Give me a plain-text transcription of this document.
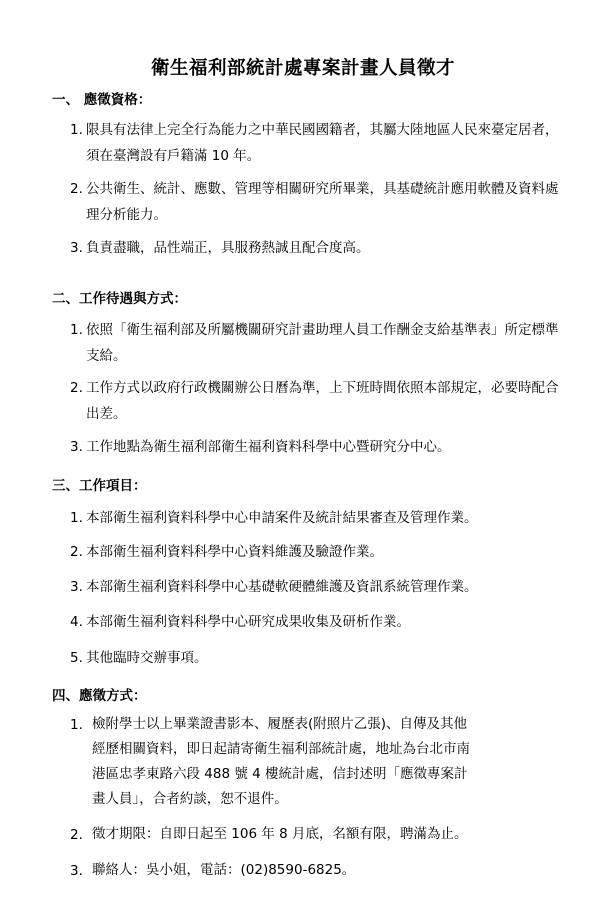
衛生福利部統計處專案計畫人員徵才
一、 應徵資格：
1. 限具有法律上完全行為能力之中華民國國籍者，其屬大陸地區人民來臺定居者，須在臺灣設有戶籍滿 10 年。
2. 公共衛生、統計、應數、管理等相關研究所畢業，具基礎統計應用軟體及資料處理分析能力。
3. 負責盡職，品性端正，具服務熱誠且配合度高。
二、工作待遇與方式：
1. 依照「衛生福利部及所屬機關研究計畫助理人員工作酬金支給基準表」所定標準支給。
2. 工作方式以政府行政機關辦公日曆為準，上下班時間依照本部規定，必要時配合出差。
3. 工作地點為衛生福利部衛生福利資料科學中心暨研究分中心。
三、工作項目：
1. 本部衛生福利資料科學中心申請案件及統計結果審查及管理作業。
2. 本部衛生福利資料科學中心資料維護及驗證作業。
3. 本部衛生福利資料科學中心基礎軟硬體維護及資訊系統管理作業。
4. 本部衛生福利資料科學中心研究成果收集及研析作業。
5. 其他臨時交辦事項。
四、應徵方式：
1. 檢附學士以上畢業證書影本、履歷表(附照片乙張)、自傳及其他經歷相關資料，即日起請寄衛生福利部統計處，地址為台北市南港區忠孝東路六段 488 號 4 樓統計處，信封述明「應徵專案計畫人員」，合者約談，恕不退件。
2. 徵才期限：自即日起至 106 年 8 月底，名額有限，聘滿為止。
3. 聯絡人：吳小姐，電話：(02)8590-6825。
